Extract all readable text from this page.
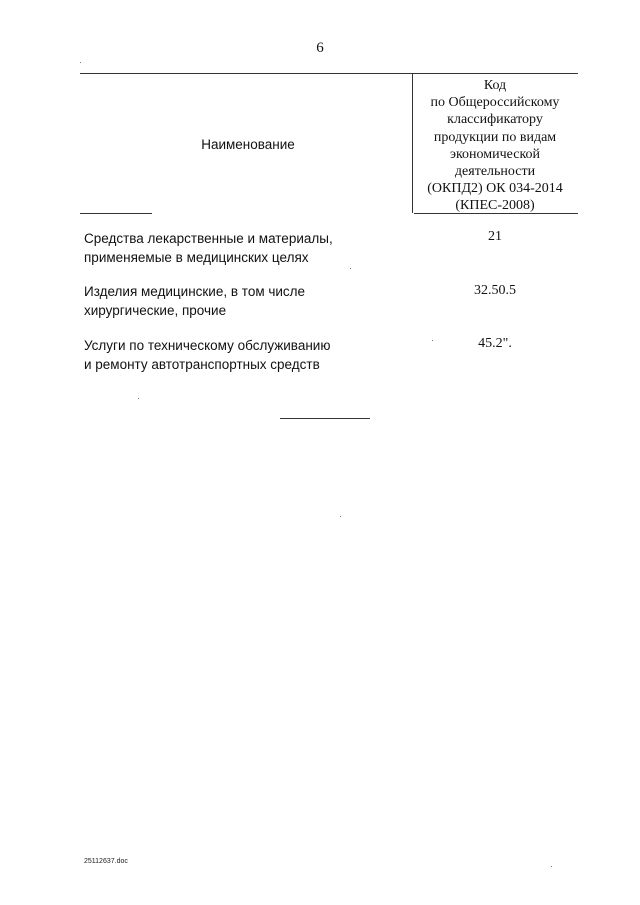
6
Наименование
Код
по Общероссийскому
классификатору
продукции по видам
экономической
деятельности
(ОКПД2) ОК 034-2014
(КПЕС-2008)
Средства лекарственные и материалы,
применяемые в медицинских целях
21
Изделия медицинские, в том числе
хирургические, прочие
32.50.5
Услуги по техническому обслуживанию
и ремонту автотранспортных средств
45.2".
25112637.doc
